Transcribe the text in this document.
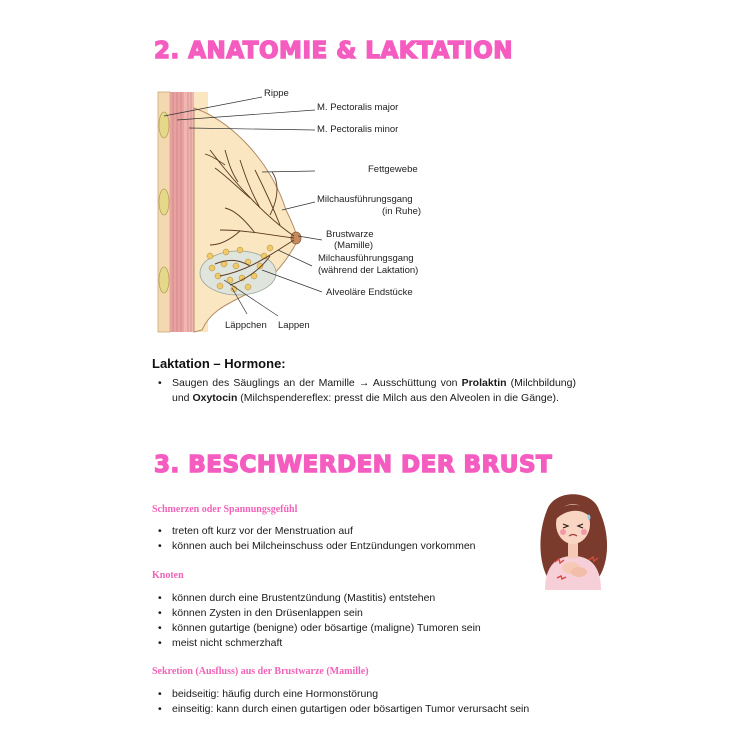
2. ANATOMIE & LAKTATION
Rippe
M. Pectoralis major
M. Pectoralis minor
Fettgewebe
Milchausführungsgang
(in Ruhe)
Brustwarze
(Mamille)
Milchausführungsgang
(während der Laktation)
Alveoläre Endstücke
Läppchen Lappen
Laktation – Hormone:
• Saugen des Säuglings an der Mamille → Ausschüttung von Prolaktin (Milchbildung) und Oxytocin (Milchspendereflex: presst die Milch aus den Alveolen in die Gänge).
3. BESCHWERDEN DER BRUST
Schmerzen oder Spannungsgefühl
• treten oft kurz vor der Menstruation auf
• können auch bei Milcheinschuss oder Entzündungen vorkommen
Knoten
• können durch eine Brustentzündung (Mastitis) entstehen
• können Zysten in den Drüsenlappen sein
• können gutartige (benigne) oder bösartige (maligne) Tumoren sein
• meist nicht schmerzhaft
Sekretion (Ausfluss) aus der Brustwarze (Mamille)
• beidseitig: häufig durch eine Hormonstörung
• einseitig: kann durch einen gutartigen oder bösartigen Tumor verursacht sein
